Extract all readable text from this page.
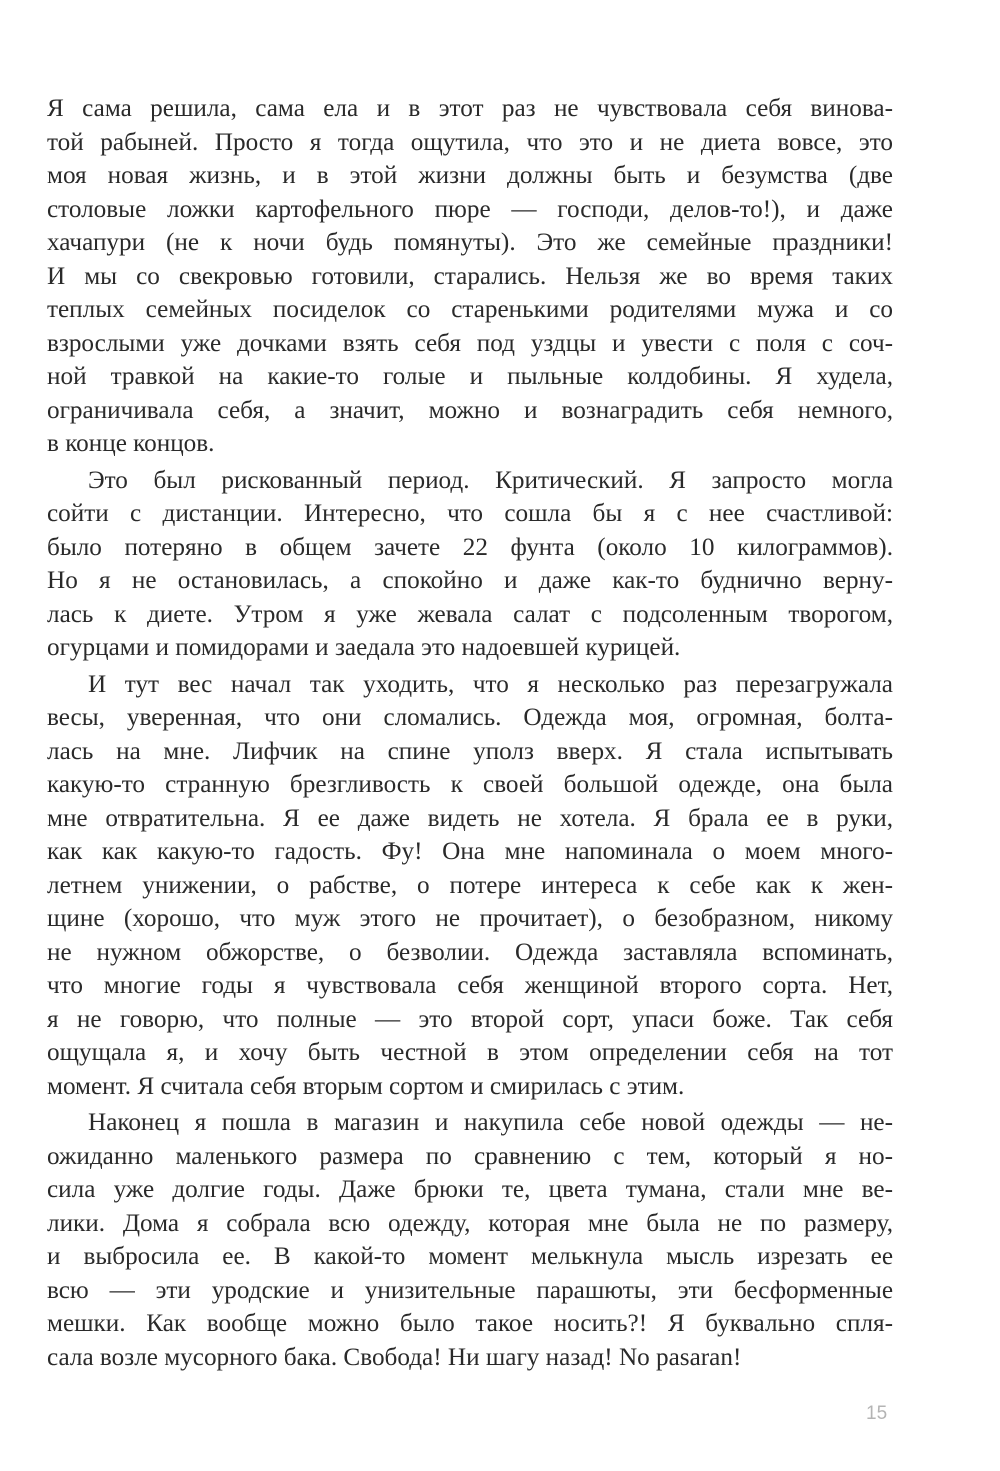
Я сама решила, сама ела и в этот раз не чувствовала себя винова-
той рабыней. Просто я тогда ощутила, что это и не диета вовсе, это
моя новая жизнь, и в этой жизни должны быть и безумства (две
столовые ложки картофельного пюре — господи, делов-то!), и даже
хачапури (не к ночи будь помянуты). Это же семейные праздники!
И мы со свекровью готовили, старались. Нельзя же во время таких
теплых семейных посиделок со старенькими родителями мужа и со
взрослыми уже дочками взять себя под уздцы и увести с поля с соч-
ной травкой на какие-то голые и пыльные колдобины. Я худела,
ограничивала себя, а значит, можно и вознаградить себя немного,
в конце концов.
Это был рискованный период. Критический. Я запросто могла
сойти с дистанции. Интересно, что сошла бы я с нее счастливой:
было потеряно в общем зачете 22 фунта (около 10 килограммов).
Но я не остановилась, а спокойно и даже как-то буднично верну-
лась к диете. Утром я уже жевала салат с подсоленным творогом,
огурцами и помидорами и заедала это надоевшей курицей.
И тут вес начал так уходить, что я несколько раз перезагружала
весы, уверенная, что они сломались. Одежда моя, огромная, болта-
лась на мне. Лифчик на спине уполз вверх. Я стала испытывать
какую-то странную брезгливость к своей большой одежде, она была
мне отвратительна. Я ее даже видеть не хотела. Я брала ее в руки,
как как какую-то гадость. Фу! Она мне напоминала о моем много-
летнем унижении, о рабстве, о потере интереса к себе как к жен-
щине (хорошо, что муж этого не прочитает), о безобразном, никому
не нужном обжорстве, о безволии. Одежда заставляла вспоминать,
что многие годы я чувствовала себя женщиной второго сорта. Нет,
я не говорю, что полные — это второй сорт, упаси боже. Так себя
ощущала я, и хочу быть честной в этом определении себя на тот
момент. Я считала себя вторым сортом и смирилась с этим.
Наконец я пошла в магазин и накупила себе новой одежды — не-
ожиданно маленького размера по сравнению с тем, который я но-
сила уже долгие годы. Даже брюки те, цвета тумана, стали мне ве-
лики. Дома я собрала всю одежду, которая мне была не по размеру,
и выбросила ее. В какой-то момент мелькнула мысль изрезать ее
всю — эти уродские и унизительные парашюты, эти бесформенные
мешки. Как вообще можно было такое носить?! Я буквально спля-
сала возле мусорного бака. Свобода! Ни шагу назад! No pasaran!
15
